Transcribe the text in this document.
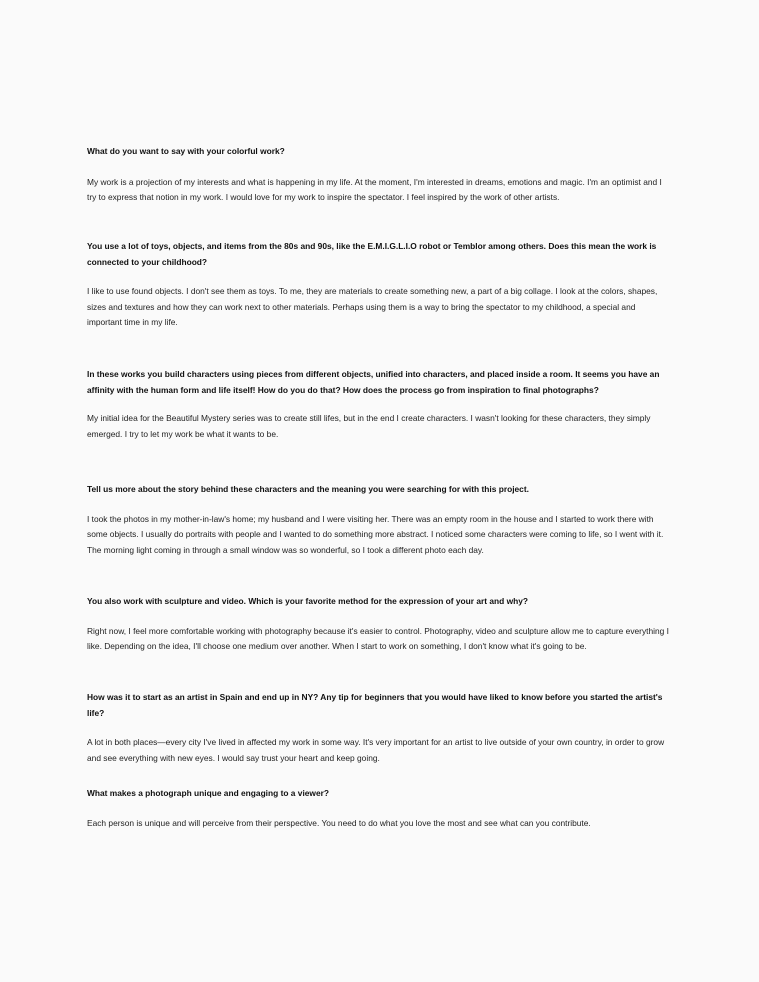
What do you want to say with your colorful work?

My work is a projection of my interests and what is happening in my life. At the moment, I'm interested in dreams, emotions and magic. I'm an optimist and I try to express that notion in my work. I would love for my work to inspire the spectator. I feel inspired by the work of other artists.

You use a lot of toys, objects, and items from the 80s and 90s, like the E.M.I.G.L.I.O robot or Temblor among others. Does this mean the work is connected to your childhood?

I like to use found objects. I don't see them as toys. To me, they are materials to create something new, a part of a big collage. I look at the colors, shapes, sizes and textures and how they can work next to other materials. Perhaps using them is a way to bring the spectator to my childhood, a special and important time in my life.

In these works you build characters using pieces from different objects, unified into characters, and placed inside a room. It seems you have an affinity with the human form and life itself! How do you do that? How does the process go from inspiration to final photographs?

My initial idea for the Beautiful Mystery series was to create still lifes, but in the end I create characters. I wasn't looking for these characters, they simply emerged. I try to let my work be what it wants to be.

Tell us more about the story behind these characters and the meaning you were searching for with this project.

I took the photos in my mother-in-law's home; my husband and I were visiting her. There was an empty room in the house and I started to work there with some objects. I usually do portraits with people and I wanted to do something more abstract. I noticed some characters were coming to life, so I went with it. The morning light coming in through a small window was so wonderful, so I took a different photo each day.

You also work with sculpture and video. Which is your favorite method for the expression of your art and why?

Right now, I feel more comfortable working with photography because it's easier to control. Photography, video and sculpture allow me to capture everything I like. Depending on the idea, I'll choose one medium over another. When I start to work on something, I don't know what it's going to be.

How was it to start as an artist in Spain and end up in NY? Any tip for beginners that you would have liked to know before you started the artist's life?

A lot in both places—every city I've lived in affected my work in some way. It's very important for an artist to live outside of your own country, in order to grow and see everything with new eyes. I would say trust your heart and keep going.

What makes a photograph unique and engaging to a viewer?

Each person is unique and will perceive from their perspective. You need to do what you love the most and see what can you contribute.
